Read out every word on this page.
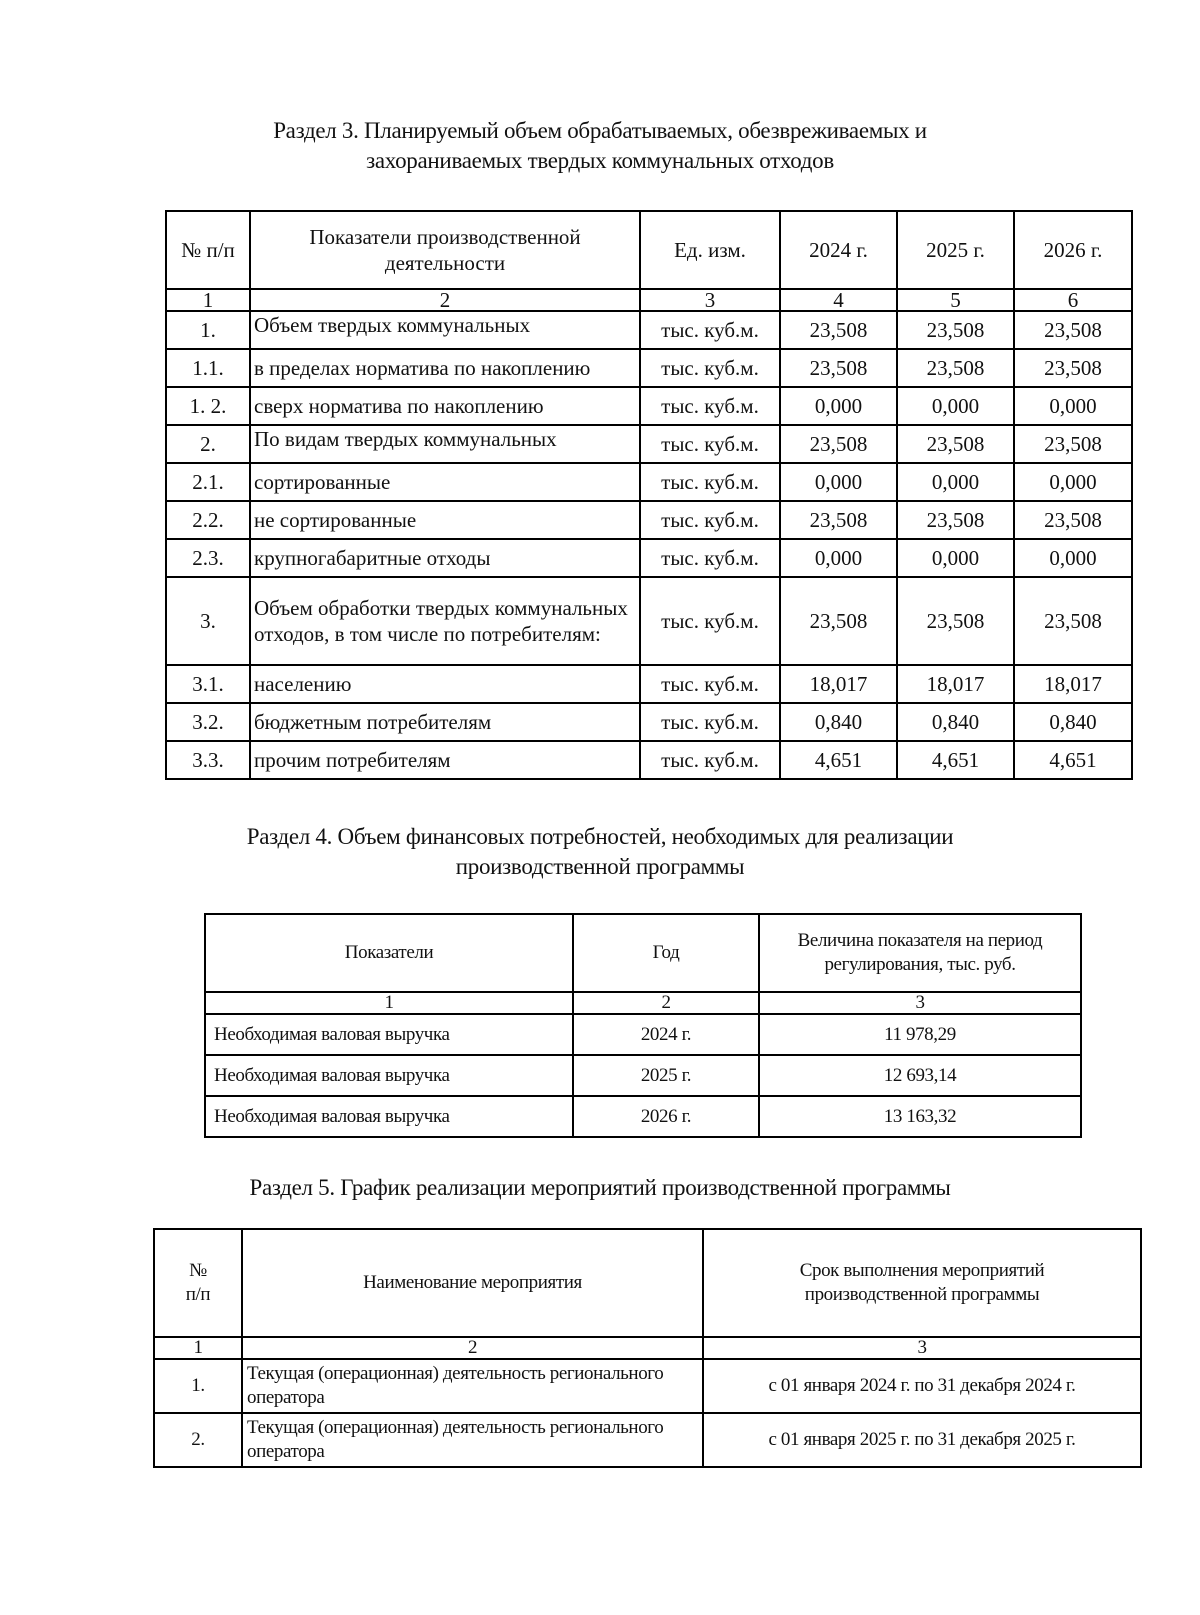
Раздел 3. Планируемый объем обрабатываемых, обезвреживаемых и
захораниваемых твердых коммунальных отходов
№ п/п	Показатели производственной деятельности	Ед. изм.	2024 г.	2025 г.	2026 г.
1	2	3	4	5	6
1.	Объем твердых коммунальных	тыс. куб.м.	23,508	23,508	23,508
1.1.	в пределах норматива по накоплению	тыс. куб.м.	23,508	23,508	23,508
1. 2.	сверх норматива по накоплению	тыс. куб.м.	0,000	0,000	0,000
2.	По видам твердых коммунальных	тыс. куб.м.	23,508	23,508	23,508
2.1.	сортированные	тыс. куб.м.	0,000	0,000	0,000
2.2.	не сортированные	тыс. куб.м.	23,508	23,508	23,508
2.3.	крупногабаритные отходы	тыс. куб.м.	0,000	0,000	0,000
3.	Объем обработки твердых коммунальных отходов, в том числе по потребителям:	тыс. куб.м.	23,508	23,508	23,508
3.1.	населению	тыс. куб.м.	18,017	18,017	18,017
3.2.	бюджетным потребителям	тыс. куб.м.	0,840	0,840	0,840
3.3.	прочим потребителям	тыс. куб.м.	4,651	4,651	4,651
Раздел 4. Объем финансовых потребностей, необходимых для реализации
производственной программы
Показатели	Год	Величина показателя на период регулирования, тыс. руб.
1	2	3
Необходимая валовая выручка	2024 г.	11 978,29
Необходимая валовая выручка	2025 г.	12 693,14
Необходимая валовая выручка	2026 г.	13 163,32
Раздел 5. График реализации мероприятий производственной программы
№ п/п	Наименование мероприятия	Срок выполнения мероприятий производственной программы
1	2	3
1.	Текущая (операционная) деятельность регионального оператора	с 01 января 2024 г. по 31 декабря 2024 г.
2.	Текущая (операционная) деятельность регионального оператора	с 01 января 2025 г. по 31 декабря 2025 г.
